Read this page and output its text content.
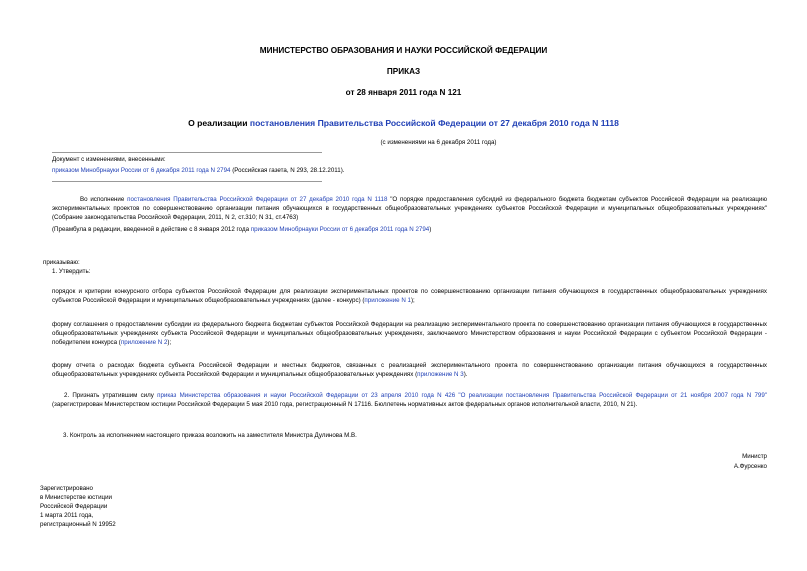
МИНИСТЕРСТВО ОБРАЗОВАНИЯ И НАУКИ РОССИЙСКОЙ ФЕДЕРАЦИИ
ПРИКАЗ
от 28 января 2011 года N 121
О реализации постановления Правительства Российской Федерации от 27 декабря 2010 года N 1118
(с изменениями на 6 декабря 2011 года)
Документ с изменениями, внесенными:
приказом Минобрнауки России от 6 декабря 2011 года N 2794 (Российская газета, N 293, 28.12.2011).
Во исполнение постановления Правительства Российской Федерации от 27 декабря 2010 года N 1118 "О порядке предоставления субсидий из федерального бюджета бюджетам субъектов Российской Федерации на реализацию экспериментальных проектов по совершенствованию организации питания обучающихся в государственных общеобразовательных учреждениях субъектов Российской Федерации и муниципальных общеобразовательных учреждениях" (Собрание законодательства Российской Федерации, 2011, N 2, ст.310; N 31, ст.4763)
(Преамбула в редакции, введенной в действие с 8 января 2012 года приказом Минобрнауки России от 6 декабря 2011 года N 2794)
приказываю:
1. Утвердить:
порядок и критерии конкурсного отбора субъектов Российской Федерации для реализации экспериментальных проектов по совершенствованию организации питания обучающихся в государственных общеобразовательных учреждениях субъектов Российской Федерации и муниципальных общеобразовательных учреждениях (далее - конкурс) (приложение N 1);
форму соглашения о предоставлении субсидии из федерального бюджета бюджетам субъектов Российской Федерации на реализацию экспериментального проекта по совершенствованию организации питания обучающихся в государственных общеобразовательных учреждениях субъекта Российской Федерации и муниципальных общеобразовательных учреждениях, заключаемого Министерством образования и науки Российской Федерации с субъектом Российской Федерации - победителем конкурса (приложение N 2);
форму отчета о расходах бюджета субъекта Российской Федерации и местных бюджетов, связанных с реализацией экспериментального проекта по совершенствованию организации питания обучающихся в государственных общеобразовательных учреждениях субъекта Российской Федерации и муниципальных общеобразовательных учреждениях (приложение N 3).
2. Признать утратившим силу приказ Министерства образования и науки Российской Федерации от 23 апреля 2010 года N 426 "О реализации постановления Правительства Российской Федерации от 21 ноября 2007 года N 799" (зарегистрирован Министерством юстиции Российской Федерации 5 мая 2010 года, регистрационный N 17116. Бюллетень нормативных актов федеральных органов исполнительной власти, 2010, N 21).
3. Контроль за исполнением настоящего приказа возложить на заместителя Министра Дулинова М.В.
Министр
А.Фурсенко
Зарегистрировано
в Министерстве юстиции
Российской Федерации
1 марта 2011 года,
регистрационный N 19952
